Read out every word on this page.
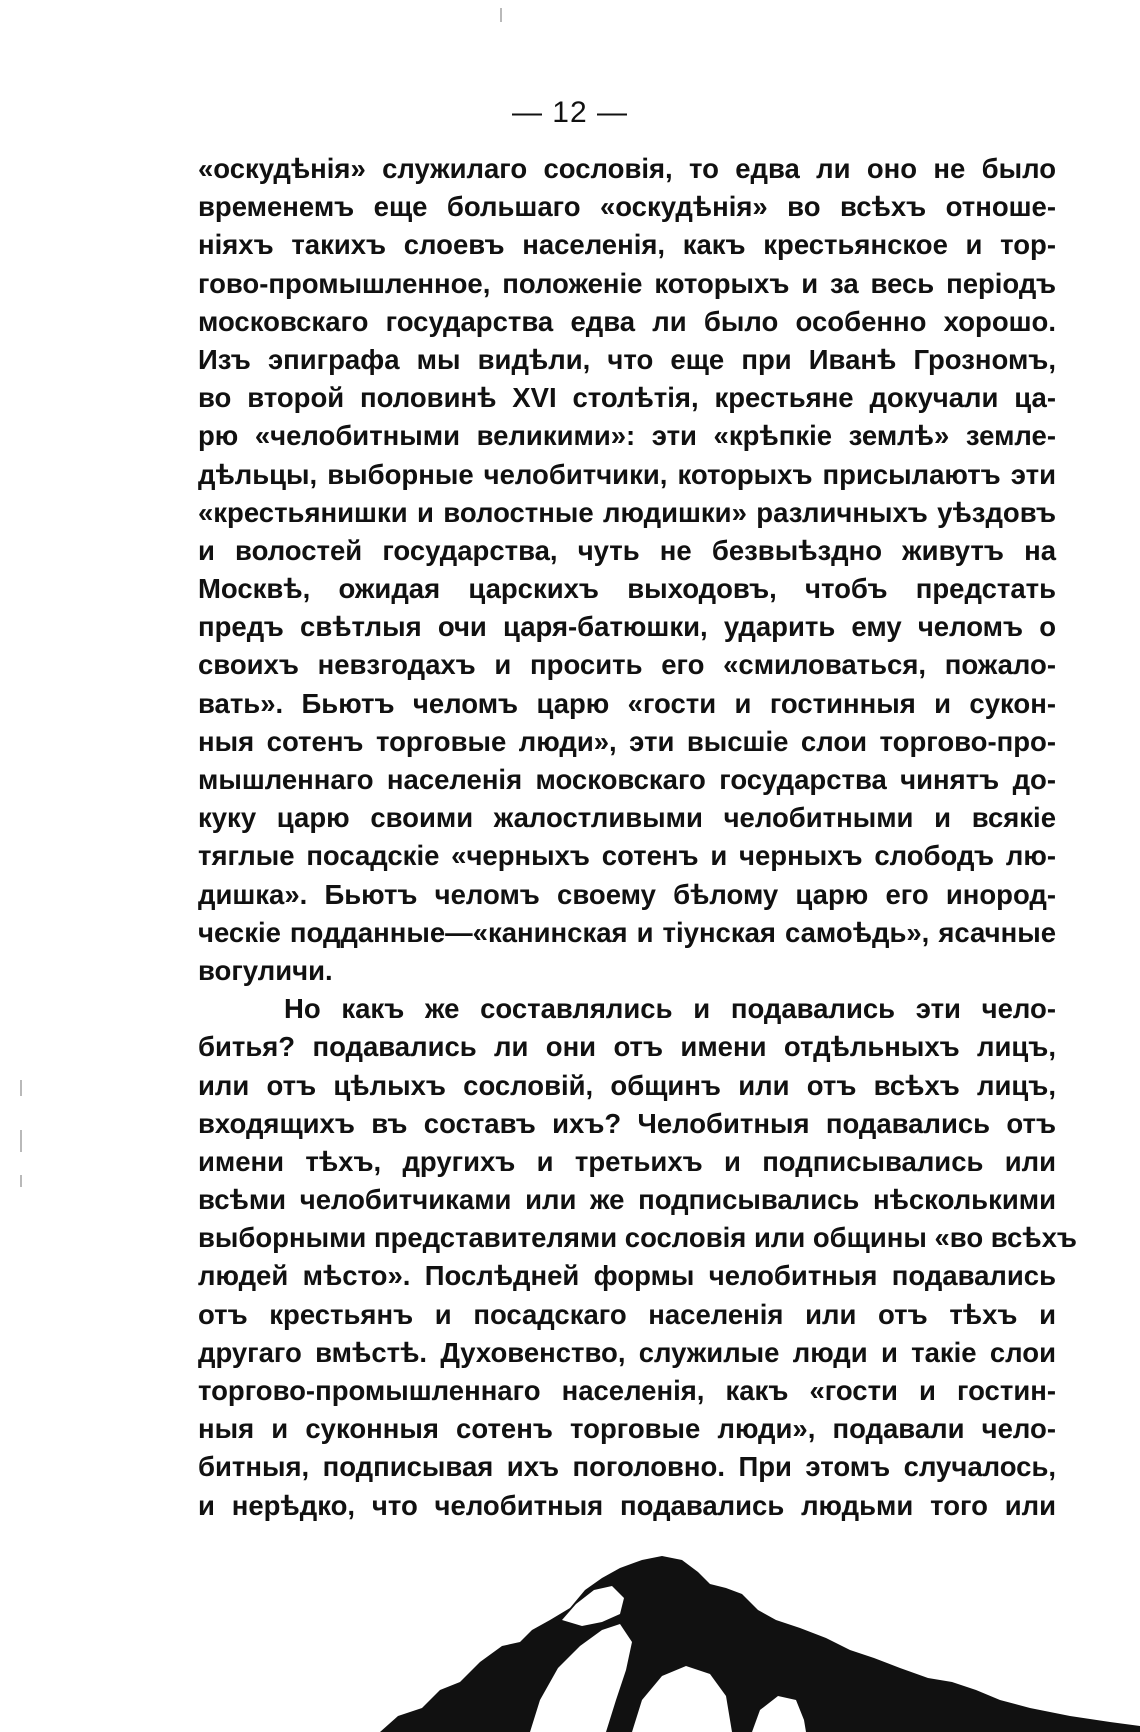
— 12 —

«оскудѣнія» служилаго сословія, то едва ли оно не было
временемъ еще большаго «оскудѣнія» во всѣхъ отноше-
ніяхъ такихъ слоевъ населенія, какъ крестьянское и тор-
гово-промышленное, положеніе которыхъ и за весь періодъ
московскаго государства едва ли было особенно хорошо.
Изъ эпиграфа мы видѣли, что еще при Иванѣ Грозномъ,
во второй половинѣ XVI столѣтія, крестьяне докучали ца-
рю «челобитными великими»: эти «крѣпкіе землѣ» земле-
дѣльцы, выборные челобитчики, которыхъ присылаютъ эти
«крестьянишки и волостные людишки» различныхъ уѣздовъ
и волостей государства, чуть не безвыѣздно живутъ на
Москвѣ, ожидая царскихъ выходовъ, чтобъ предстать
предъ свѣтлыя очи царя-батюшки, ударить ему челомъ о
своихъ невзгодахъ и просить его «смиловаться, пожало-
вать». Бьютъ челомъ царю «гости и гостинныя и сукон-
ныя сотенъ торговые люди», эти высшіе слои торгово-про-
мышленнаго населенія московскаго государства чинятъ до-
куку царю своими жалостливыми челобитными и всякіе
тяглые посадскіе «черныхъ сотенъ и черныхъ слободъ лю-
дишка». Бьютъ челомъ своему бѣлому царю его инород-
ческіе подданные—«канинская и тіунская самоѣдь», ясачные
вогуличи.

Но какъ же составлялись и подавались эти чело-
битья? подавались ли они отъ имени отдѣльныхъ лицъ,
или отъ цѣлыхъ сословій, общинъ или отъ всѣхъ лицъ,
входящихъ въ составъ ихъ? Челобитныя подавались отъ
имени тѣхъ, другихъ и третьихъ и подписывались или
всѣми челобитчиками или же подписывались нѣсколькими
выборными представителями сословія или общины «во всѣхъ
людей мѣсто». Послѣдней формы челобитныя подавались
отъ крестьянъ и посадскаго населенія или отъ тѣхъ и
другаго вмѣстѣ. Духовенство, служилые люди и такіе слои
торгово-промышленнаго населенія, какъ «гости и гостин-
ныя и суконныя сотенъ торговые люди», подавали чело-
битныя, подписывая ихъ поголовно. При этомъ случалось,
и нерѣдко, что челобитныя подавались людьми того или
